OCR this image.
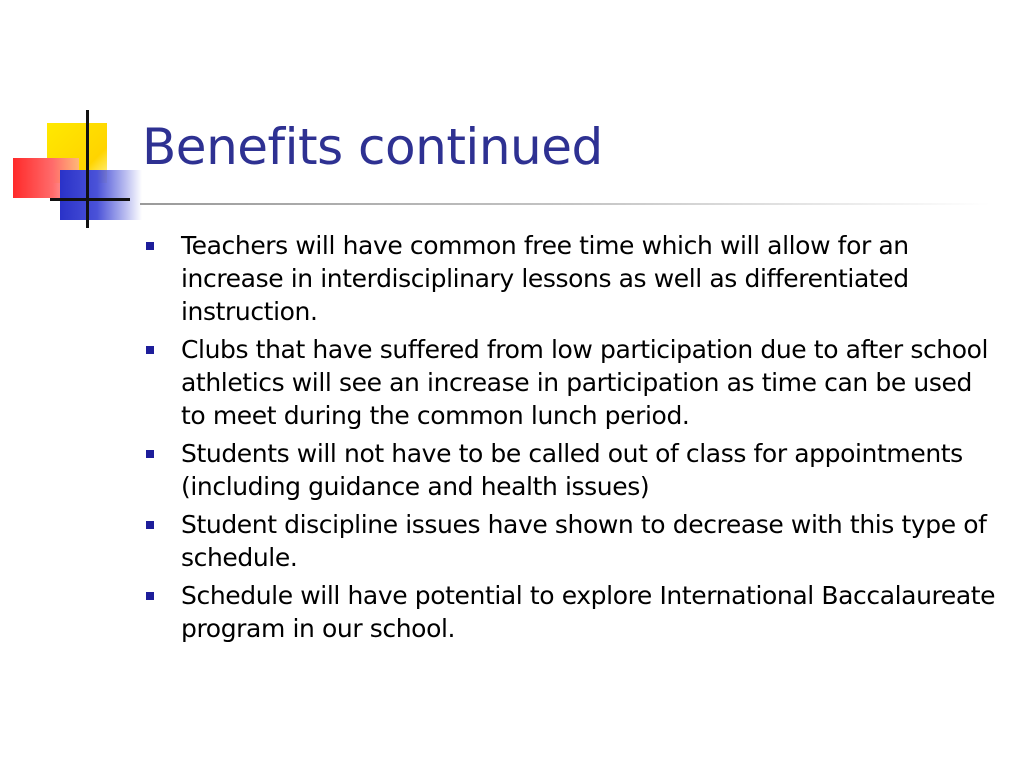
Benefits continued
Teachers will have common free time which will allow for an increase in interdisciplinary lessons as well as differentiated instruction.
Clubs that have suffered from low participation due to after school athletics will see an increase in participation as time can be used to meet during the common lunch period.
Students will not have to be called out of class for appointments (including guidance and health issues)
Student discipline issues have shown to decrease with this type of schedule.
Schedule will have potential to explore International Baccalaureate program in our school.
